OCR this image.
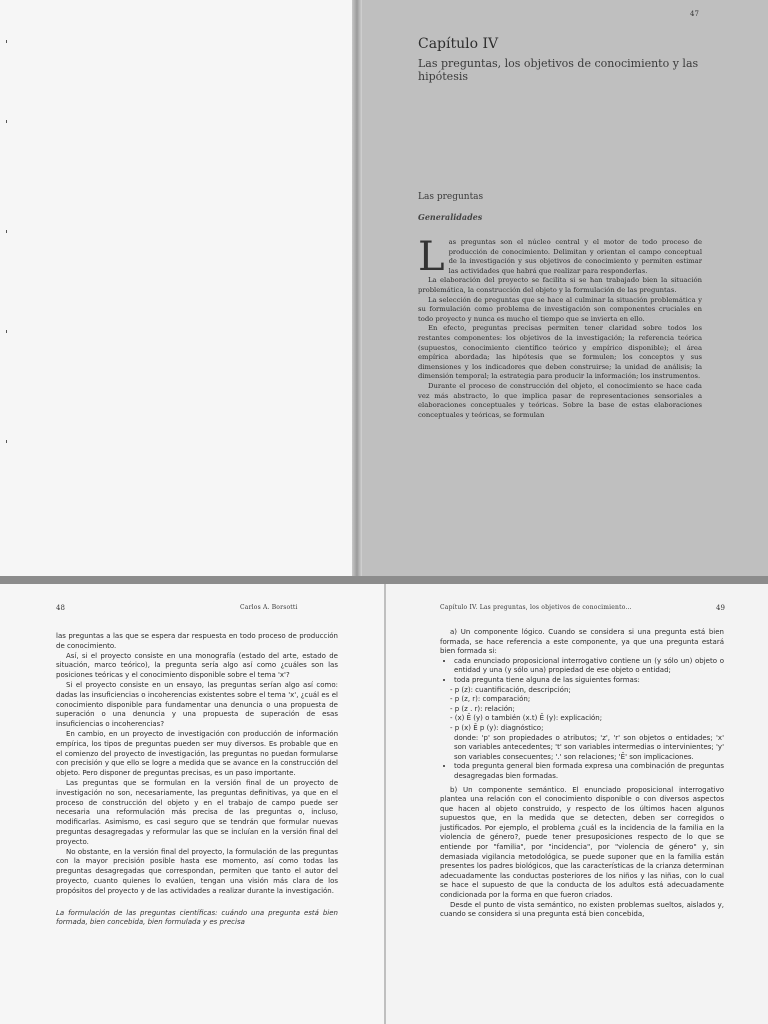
47

Capítulo IV

Las preguntas, los objetivos de conocimiento y las hipótesis

Las preguntas
Generalidades

Las preguntas son el núcleo central y el motor de todo proceso de producción de conocimiento. Delimitan y orientan el campo conceptual de la investigación y sus objetivos de conocimiento y permiten estimar las actividades que habrá que realizar para responderlas.

La elaboración del proyecto se facilita si se han trabajado bien la situación problemática, la construcción del objeto y la formulación de las preguntas.

La selección de preguntas que se hace al culminar la situación problemática y su formulación como problema de investigación son componentes cruciales en todo proyecto y nunca es mucho el tiempo que se invierta en ello.

En efecto, preguntas precisas permiten tener claridad sobre todos los restantes componentes: los objetivos de la investigación; la referencia teórica (supuestos, conocimiento científico teórico y empírico disponible); el área empírica abordada; las hipótesis que se formulen; los conceptos y sus dimensiones y los indicadores que deben construirse; la unidad de análisis; la dimensión temporal; la estrategia para producir la información; los instrumentos.

Durante el proceso de construcción del objeto, el conocimiento se hace cada vez más abstracto, lo que implica pasar de representaciones sensoriales a elaboraciones conceptuales y teóricas. Sobre la base de estas elaboraciones conceptuales y teóricas, se formulan

48	Carlos A. Borsotti

las preguntas a las que se espera dar respuesta en todo proceso de producción de conocimiento.

Así, si el proyecto consiste en una monografía (estado del arte, estado de situación, marco teórico), la pregunta sería algo así como ¿cuáles son las posiciones teóricas y el conocimiento disponible sobre el tema 'x'?

Si el proyecto consiste en un ensayo, las preguntas serían algo así como: dadas las insuficiencias o incoherencias existentes sobre el tema 'x', ¿cuál es el conocimiento disponible para fundamentar una denuncia o una propuesta de superación o una denuncia y una propuesta de superación de esas insuficiencias o incoherencias?

En cambio, en un proyecto de investigación con producción de información empírica, los tipos de preguntas pueden ser muy diversos. Es probable que en el comienzo del proyecto de investigación, las preguntas no puedan formularse con precisión y que ello se logre a medida que se avance en la construcción del objeto. Pero disponer de preguntas precisas, es un paso importante.

Las preguntas que se formulan en la versión final de un proyecto de investigación no son, necesariamente, las preguntas definitivas, ya que en el proceso de construcción del objeto y en el trabajo de campo puede ser necesaria una reformulación más precisa de las preguntas o, incluso, modificarlas. Asimismo, es casi seguro que se tendrán que formular nuevas preguntas desagregadas y reformular las que se incluían en la versión final del proyecto.

No obstante, en la versión final del proyecto, la formulación de las preguntas con la mayor precisión posible hasta ese momento, así como todas las preguntas desagregadas que correspondan, permiten que tanto el autor del proyecto, cuanto quienes lo evalúen, tengan una visión más clara de los propósitos del proyecto y de las actividades a realizar durante la investigación.

La formulación de las preguntas científicas: cuándo una pregunta está bien formada, bien concebida, bien formulada y es precisa
Capítulo IV. Las preguntas, los objetivos de conocimiento...	49

a) Un componente lógico. Cuando se considera si una pregunta está bien formada, se hace referencia a este componente, ya que una pregunta estará bien formada si:

• cada enunciado proposicional interrogativo contiene un (y sólo un) objeto o entidad y una (y sólo una) propiedad de ese objeto o entidad;
• toda pregunta tiene alguna de las siguientes formas:
- p (z): cuantificación, descripción;
- p (z, r): comparación;
- p (z . r): relación;
- (x) Ē (y) o también (x.t) Ē (y): explicación;
- p (x) Ē p (y): diagnóstico;

donde: 'p' son propiedades o atributos; 'z', 'r' son objetos o entidades; 'x' son variables antecedentes; 't' son variables intermedias o intervinientes; 'y' son variables consecuentes; '.' son relaciones; 'Ē' son implicaciones.

• toda pregunta general bien formada expresa una combinación de preguntas desagregadas bien formadas.

b) Un componente semántico. El enunciado proposicional interrogativo plantea una relación con el conocimiento disponible o con diversos aspectos que hacen al objeto construido, y respecto de los últimos hacen algunos supuestos que, en la medida que se detecten, deben ser corregidos o justificados. Por ejemplo, el problema ¿cuál es la incidencia de la familia en la violencia de género?, puede tener presuposiciones respecto de lo que se entiende por "familia", por "incidencia", por "violencia de género" y, sin demasiada vigilancia metodológica, se puede suponer que en la familia están presentes los padres biológicos, que las características de la crianza determinan adecuadamente las conductas posteriores de los niños y las niñas, con lo cual se hace el supuesto de que la conducta de los adultos está adecuadamente condicionada por la forma en que fueron criados.

Desde el punto de vista semántico, no existen problemas sueltos, aislados y, cuando se considera si una pregunta está bien concebida,
